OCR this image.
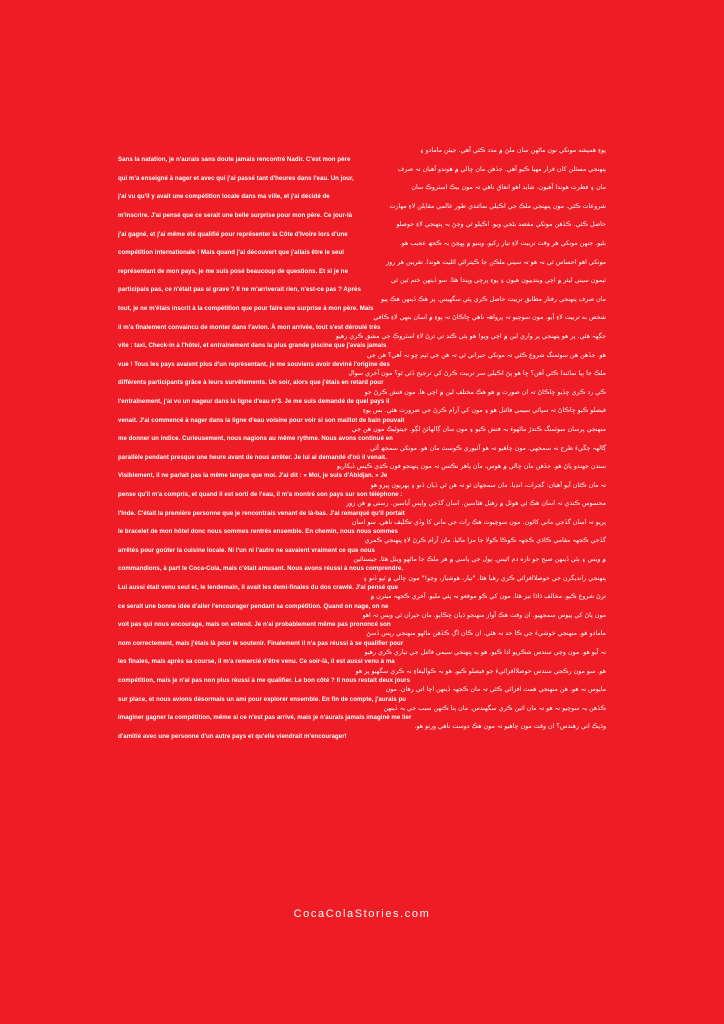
پوءِ هميشه مونکي نون ماڻهن سان ملڻ ۾ مدد ڪئي آهي. جيئن مامادو ۽
Sans la natation, je n'aurais sans doute jamais rencontré Nadir. C'est mon père
پنهنجي مسئلن کان فرار مهيا ڪيو آهي. جڏهن مان ڇالي ۾ هوندو آهيان تہ صرف
qui m'a enseigné à nager et avec qui j'ai passé tant d'heures dans l'eau. Un jour,
مان ۽ فطرت هوندا آهيون. شايد اهو اتفاق ناهي تہ مون بيڪ اسٽروڪ سان
j'ai vu qu'il y avait une compétition locale dans ma ville, et j'ai décidé de
شروعات ڪئي. مون پنهنجي ملڪ جي اڪيلي نمائندي طور عالمي مقابلن لاءِ مهارت
m'inscrire. J'ai pensé que ce serait une belle surprise pour mon père. Ce jour-là
حاصل ڪئي. ڪڏهن مونکي مقصد بڻجي ويو. اڪيلو ٿي وڃڻ بہ پنهنجي لاءِ حوصلو
j'ai gagné, et j'ai même été qualifié pour représenter la Côte d'Ivoire lors d'une
بڻيو. جنهن مونکي هر وقت تربيت لاءِ تيار رکيو. وينيو ۾ پهچڻ بہ ڪجھ عجيب هو.
compétition internationale ! Mais quand j'ai découvert que j'allais être le seul
مونکي اهو احساس ٿي نہ هو تہ سيني ملڪن جا ڪيترائي اٿليٽ هوندا. تقريبن هر روز
représentant de mon pays, je me suis posé beaucoup de questions. Et si je ne
ٽيمون سيني ليئر ۾ اچي ويندييون هيون ۽ پوءِ پرچي ويندا هئا. سو ڏينهن ختم ٿين ٿي
participais pas, ce n'était pas si grave ? Il ne m'arriverait rien, n'est-ce pas ? Après
مان صرف پنهنجي رفتار مطابق تربيت حاصل ڪري پئي سگهيس. پر هڪ ڏينهن هڪ پيو
tout, je ne m'étais inscrit à la compétition que pour faire une surprise à mon père. Mais
شخص به تربيت لاءِ آيو. مون سوچيو تہ پرواهہ ناهي ڇاڪاڻ تہ پوءِ ۾ اسان بنهي لاءِ ڪافي
il m'a finalement convaincu de monter dans l'avion. À mon arrivée, tout s'est déroulé très
جڳهہ هئي. پر هو پنهنجي پر واري لين ۾ اچي ويو! هو ٻئي ڪنڊ تي ترڻ لاءِ اسٽروڪ جي مشق ڪري رهيو
vite : taxi, Check-in à l'hôtel, et entraînement dans la plus grande piscine que j'avais jamais
هو. جڏهن هن سوئمنگ شروع ڪئي تہ مونکي حيراني ٿي تہ هن جي ٽيم ڇو نہ آهي؟ هن جي
vue ! Tous les pays avaient plus d'un représentant, je me souviens avoir deviné l'origine des
ملڪ جا ٻيا نمائندا ڪٿي آهن؟ ڇا هو پڻ اڪيلي سر تربيت ڪرڻ کي ترجيح ڏئي ٿو؟ مون آخري سوال
différents participants grâce à leurs survêtements. Un soir, alors que j'étais en retard pour
ڪي رد ڪري ڇڏيو ڇاڪاڻ تہ ان صورت ۾ هو هڪ مختلف لين ۾ اچي ها. مون فنش ڪرڻ جو
l'entraînement, j'ai vu un nageur dans la ligne d'eau n°3. Je me suis demandé de quel pays il
فيصلو ڪيو ڇاڪاڻ تہ سپائي سيمي فائنل هو ۽ مون کي آرام ڪرڻ جي ضرورت هئي. بس پوءِ
venait. J'ai commencé à nager dans la ligne d'eau voisine pour voir si son maillot de bain pouvait
منهنجي پرسان سوئمنگ ڪندڙ ماڻهوءَ بہ فنش ڪيو ۽ مون سان ڳالهائڻ لڳو. جيتوڻيڪ مون هن جي
me donner un indice. Curieusement, nous nagions au même rythme. Nous avons continué en
ڳالهہ چڱيءَ طرح نہ سمجهي. مون چاهيو تہ هو آئيوري ڪوسٽ مان هو. مونکي سمجھ آئي
parallèle pendant presque une heure avant de nous arrêter. Je lui ai demandé d'où il venait.
سندن جهندو پاڻ هو. جڏهن مان ڇالي ۾ هوس، مان پاهر نڪتس تہ مون پنهنجو فون ڪڍي ڪيس ڏيکاريو
Visiblement, il ne parlait pas la même langue que moi. J'ai dit : « Moi, je suis d'Abidjan. » Je
تہ مان ڪٿان آيو آهيان: گجرات، انڊيا. مان سمجهان ٿو تہ هن ٿي ڏيان ڏنو ۽ پهريون ڀيرو هو
pense qu'il m'a compris, et quand il est sorti de l'eau, il m'a montré son pays sur son téléphone :
محسوس ڪندي تہ اسان هڪ ئي هوٽل ۾ رهيل هئاسين. اسان گڏجي واپس آياسين. رستي ۾ هن زور
l'Inde. C'était la première personne que je rencontrais venant de là-bas. J'ai remarqué qu'il portait
پريو تہ اسان گڏجي ماني کائون. مون سوچيوٽ هڪ رات جي ماني کا وڏي تڪليف ناهي. سو اسان
le bracelet de mon hôtel donc nous sommes rentrés ensemble. En chemin, nous nous sommes
گڏجي ڪجهہ مقامي ڪاڌي ڪجهہ ڪوڪا ڪولا جا مزا ماڻيا. مان آرام ڪرڻ لاءِ پنهنجي ڪمري
arrêtés pour goûter la cuisine locale. Ni l'un ni l'autre ne savaient vraiment ce que nous
۾ ويس ۽ ٻئي ڏينهن صبح جو تازه دم اٿيس. پول جي پاسي ۾ هر ملڪ جا ماڻهو ويٺل هئا. جيستائين
commandions, à part le Coca-Cola, mais c'était amusant. Nous avons réussi à nous comprendre.
پنهنجي رانديگرن جي حوصلاافزائي ڪري رهيا هئا. "تيار، هوشيار، وڃو!" مون ڇالي ۾ ٽپو ڏنو ۽
Lui aussi était venu seul et, le lendemain, il avait les demi-finales du dos crawlé. J'ai pensé que
ترڻ شروع ڪيو. مخالف ڌاڌا تيز هئا. مون کي ڪو موقعو نہ پئي مليو. آخري ڪجهہ ميٽرن ۾
ce serait une bonne idée d'aller l'encourager pendant sa compétition. Quand on nage, on ne
مون پاڻ کي پيوس سمجهيو. ان وقت هڪ آواز منهنجو ڌيان ڇڪايو. مان حيران ٿي ويس تہ اهو
voit pas qui nous encourage, mais on entend. Je n'ai probablement même pas prononcé son
مامادو هو. منهنجي خوشيءَ جي ڪا حد نہ هئي. ان ڪان اڳ ڪڏهن ماڻهو منهنجي رپس ڏسڻ
nom correctement, mais j'étais là pour le soutenir. Finalement il n'a pas réussi à se qualifier pour
نہ آيو هو. مون وڃي سندس شڪريو ادا ڪيو. هو به پنهنجي سيمي فائنل جي تياري ڪري رهيو
les finales, mais après sa course, il m'a remercié d'être venu. Ce soir-là, il est aussi venu à ma
هو. سو مون رڪجي سندس حوصلاافزائيءَ جو فيصلو ڪيو. هو بہ ڪواليفاءِ نہ ڪري سگهيو پر هو
compétition, mais je n'ai pas non plus réussi à me qualifier. Le bon côté ? Il nous restait deux jours
مايوس نہ هو. هن منهنجي همت افزائي ڪئي تہ مان ڪجهہ ڏينهن اچا اتي رهان. مون
sur place, et nous avions désormais un ami pour explorer ensemble. En fin de compte, j'aurais pu
ڪڏهن بہ سوچيو نہ هو تہ مان ائين ڪري سگهندس. مان ٻنا ڪنهن سبب جي بہ ڏينهن
imaginer gagner la compétition, même si ce n'est pas arrivé, mais je n'aurais jamais imaginé me lier
وڌيڪ اتي رهندس؟ ان وقت مون چاهيو تہ مون هڪ دوست ناهي ورتو هو.
d'amitié avec une personne d'un autre pays et qu'elle viendrait m'encourager!
CocaColaStories.com
